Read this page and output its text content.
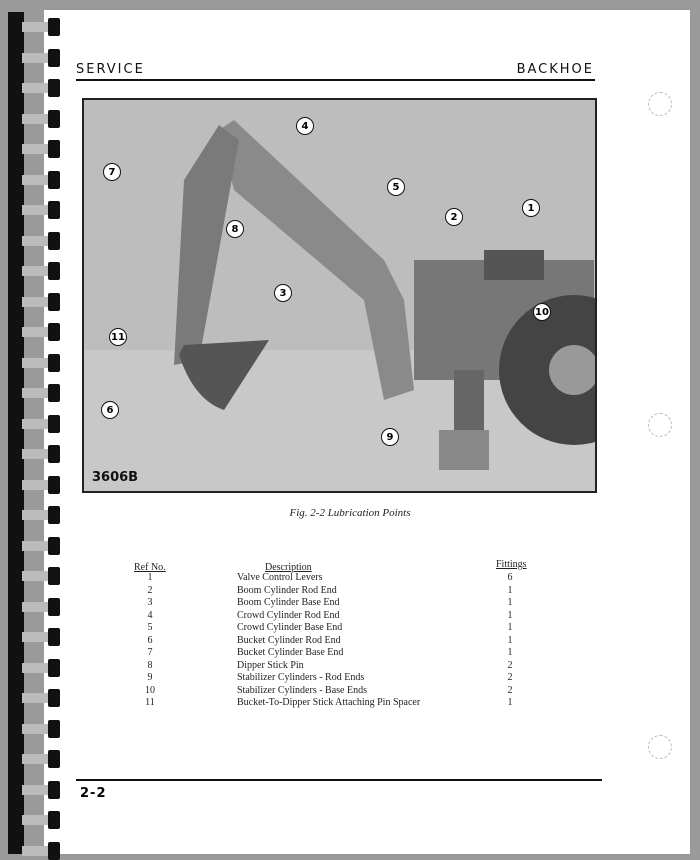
SERVICE	BACKHOE
1
2
3
4
5
6
7
8
9
10
11
3606B
Fig. 2-2 Lubrication Points
Ref No.	Description	Fittings
1	Valve Control Levers	6
2	Boom Cylinder Rod End	1
3	Boom Cylinder Base End	1
4	Crowd Cylinder Rod End	1
5	Crowd Cylinder Base End	1
6	Bucket Cylinder Rod End	1
7	Bucket Cylinder Base End	1
8	Dipper Stick Pin	2
9	Stabilizer Cylinders - Rod Ends	2
10	Stabilizer Cylinders - Base Ends	2
11	Bucket-To-Dipper Stick Attaching Pin Spacer	1
2-2
